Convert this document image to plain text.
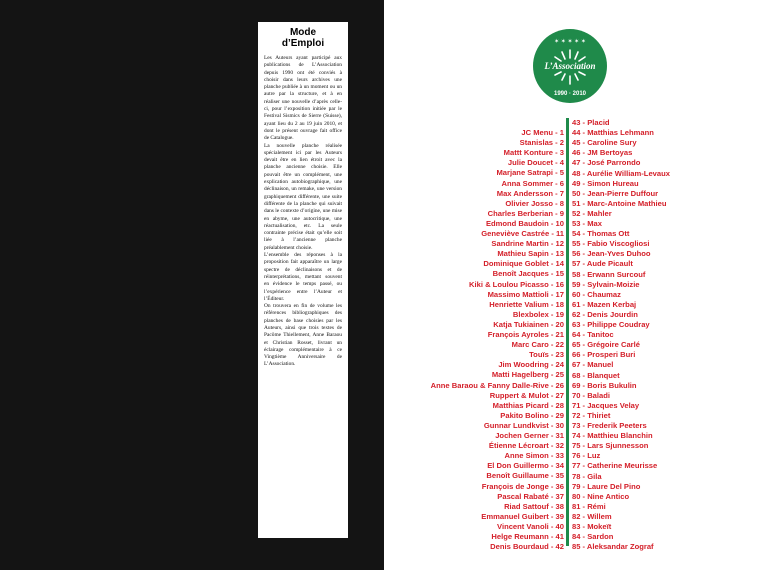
Mode
d’Emploi

Les Auteurs ayant participé aux publications de L’Association depuis 1990 ont été conviés à choisir dans leurs archives une planche publiée à un moment ou un autre par la structure, et à en réaliser une nouvelle d’après celle-ci, pour l’exposition initiée par le Festival Sismics de Sierre (Suisse), ayant lieu du 2 au 19 juin 2010, et dont le présent ouvrage fait office de Catalogue.

La nouvelle planche réalisée spécialement ici par les Auteurs devait être en lien étroit avec la planche ancienne choisie. Elle pouvait être un complément, une explication autobiographique, une déclinaison, un remake, une version graphiquement différente, une suite différente de la planche qui suivait dans le contexte d’origine, une mise en abyme, une autocritique, une réactualisation, etc. La seule contrainte précise était qu’elle soit liée à l’ancienne planche préalablement choisie.

L’ensemble des réponses à la proposition fait apparaître un large spectre de déclinaisons et de réinterprétations, mettant souvent en évidence le temps passé, ou l’expérience entre l’Auteur et l’Éditeur.

On trouvera en fin de volume les références bibliographiques des planches de base choisies par les Auteurs, ainsi que trois textes de Pacôme Thiellement, Anne Baraou et Christian Rosset, livrant un éclairage complémentaire à ce Vingtième Anniversaire de L’Association.

✶ ✶ ✶ ✶ ✶
L’Association
1990 · 2010
JC Menu - 1
Stanislas - 2
Mattt Konture - 3
Julie Doucet - 4
Marjane Satrapi - 5
Anna Sommer - 6
Max Andersson - 7
Olivier Josso - 8
Charles Berberian - 9
Edmond Baudoin - 10
Geneviève Castrée - 11
Sandrine Martin - 12
Mathieu Sapin - 13
Dominique Goblet - 14
Benoît Jacques - 15
Kiki & Loulou Picasso - 16
Massimo Mattioli - 17
Henriette Valium - 18
Blexbolex - 19
Katja Tukiainen - 20
François Ayroles - 21
Marc Caro - 22
Touïs - 23
Jim Woodring - 24
Matti Hagelberg - 25
Anne Baraou & Fanny Dalle-Rive - 26
Ruppert & Mulot - 27
Matthias Picard - 28
Pakito Bolino - 29
Gunnar Lundkvist - 30
Jochen Gerner - 31
Étienne Lécroart - 32
Anne Simon - 33
El Don Guillermo - 34
Benoît Guillaume - 35
François de Jonge - 36
Pascal Rabaté - 37
Riad Sattouf - 38
Emmanuel Guibert - 39
Vincent Vanoli - 40
Helge Reumann - 41
Denis Bourdaud - 42
43 - Placid
44 - Matthias Lehmann
45 - Caroline Sury
46 - JM Bertoyas
47 - José Parrondo
48 - Aurélie William-Levaux
49 - Simon Hureau
50 - Jean-Pierre Duffour
51 - Marc-Antoine Mathieu
52 - Mahler
53 - Max
54 - Thomas Ott
55 - Fabio Viscogliosi
56 - Jean-Yves Duhoo
57 - Aude Picault
58 - Erwann Surcouf
59 - Sylvain-Moizie
60 - Chaumaz
61 - Mazen Kerbaj
62 - Denis Jourdin
63 - Philippe Coudray
64 - Tanitoc
65 - Grégoire Carlé
66 - Prosperi Buri
67 - Manuel
68 - Blanquet
69 - Boris Bukulin
70 - Baladi
71 - Jacques Velay
72 - Thiriet
73 - Frederik Peeters
74 - Matthieu Blanchin
75 - Lars Sjunnesson
76 - Luz
77 - Catherine Meurisse
78 - Gila
79 - Laure Del Pino
80 - Nine Antico
81 - Rémi
82 - Willem
83 - Mokeït
84 - Sardon
85 - Aleksandar Zograf
